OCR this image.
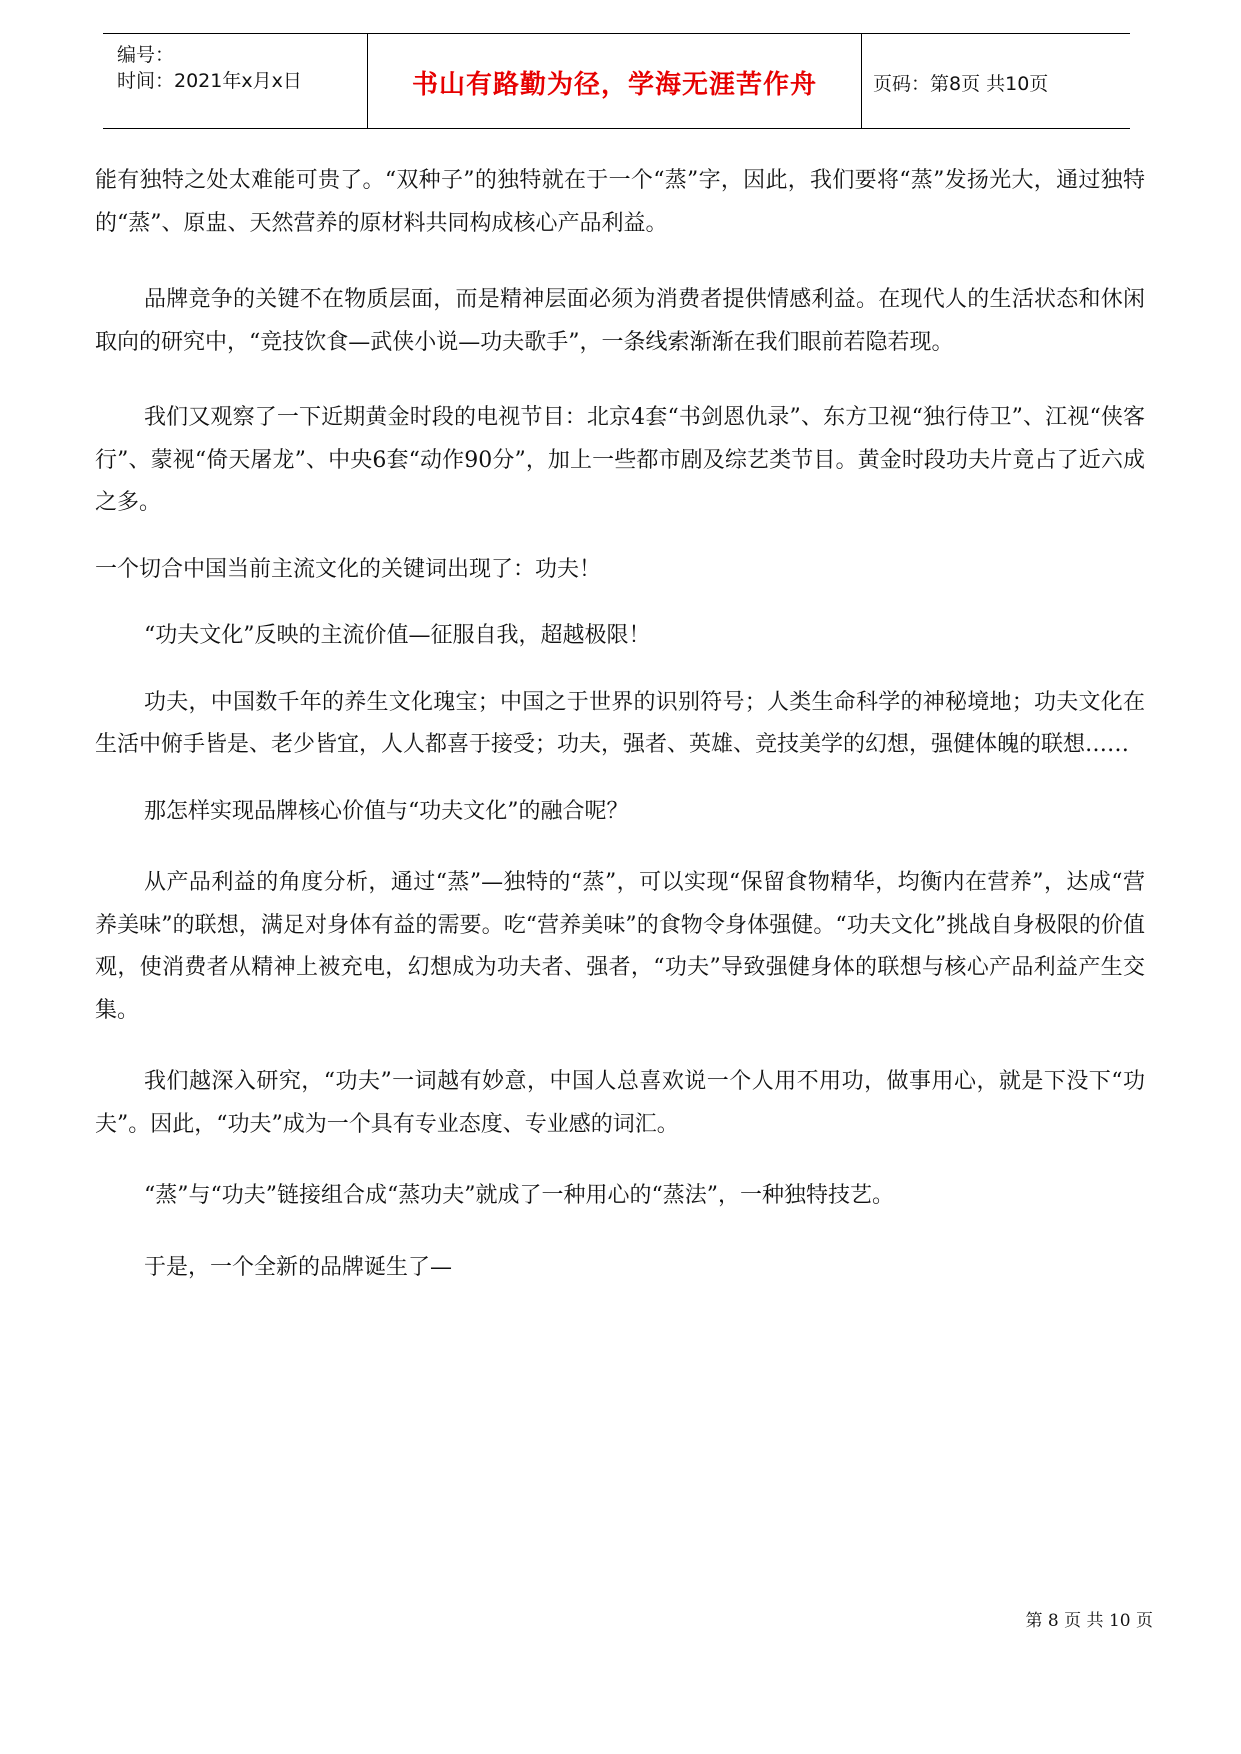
编号：
时间：2021年x月x日	书山有路勤为径，学海无涯苦作舟	页码：第8页 共10页

能有独特之处太难能可贵了。“双种子”的独特就在于一个“蒸”字，因此，我们要将“蒸”发扬光大，通过独特的“蒸”、原盅、天然营养的原材料共同构成核心产品利益。

品牌竞争的关键不在物质层面，而是精神层面必须为消费者提供情感利益。在现代人的生活状态和休闲取向的研究中，“竞技饮食—武侠小说—功夫歌手”，一条线索渐渐在我们眼前若隐若现。

我们又观察了一下近期黄金时段的电视节目：北京4套“书剑恩仇录”、东方卫视“独行侍卫”、江视“侠客行”、蒙视“倚天屠龙”、中央6套“动作90分”，加上一些都市剧及综艺类节目。黄金时段功夫片竟占了近六成之多。

一个切合中国当前主流文化的关键词出现了：功夫！

“功夫文化”反映的主流价值—征服自我，超越极限！

功夫，中国数千年的养生文化瑰宝；中国之于世界的识别符号；人类生命科学的神秘境地；功夫文化在生活中俯手皆是、老少皆宜，人人都喜于接受；功夫，强者、英雄、竞技美学的幻想，强健体魄的联想……

那怎样实现品牌核心价值与“功夫文化”的融合呢？

从产品利益的角度分析，通过“蒸”—独特的“蒸”，可以实现“保留食物精华，均衡内在营养”，达成“营养美味”的联想，满足对身体有益的需要。吃“营养美味”的食物令身体强健。“功夫文化”挑战自身极限的价值观，使消费者从精神上被充电，幻想成为功夫者、强者，“功夫”导致强健身体的联想与核心产品利益产生交集。

我们越深入研究，“功夫”一词越有妙意，中国人总喜欢说一个人用不用功，做事用心，就是下没下“功夫”。因此，“功夫”成为一个具有专业态度、专业感的词汇。

“蒸”与“功夫”链接组合成“蒸功夫”就成了一种用心的“蒸法”，一种独特技艺。

于是，一个全新的品牌诞生了—

第 8 页 共 10 页
